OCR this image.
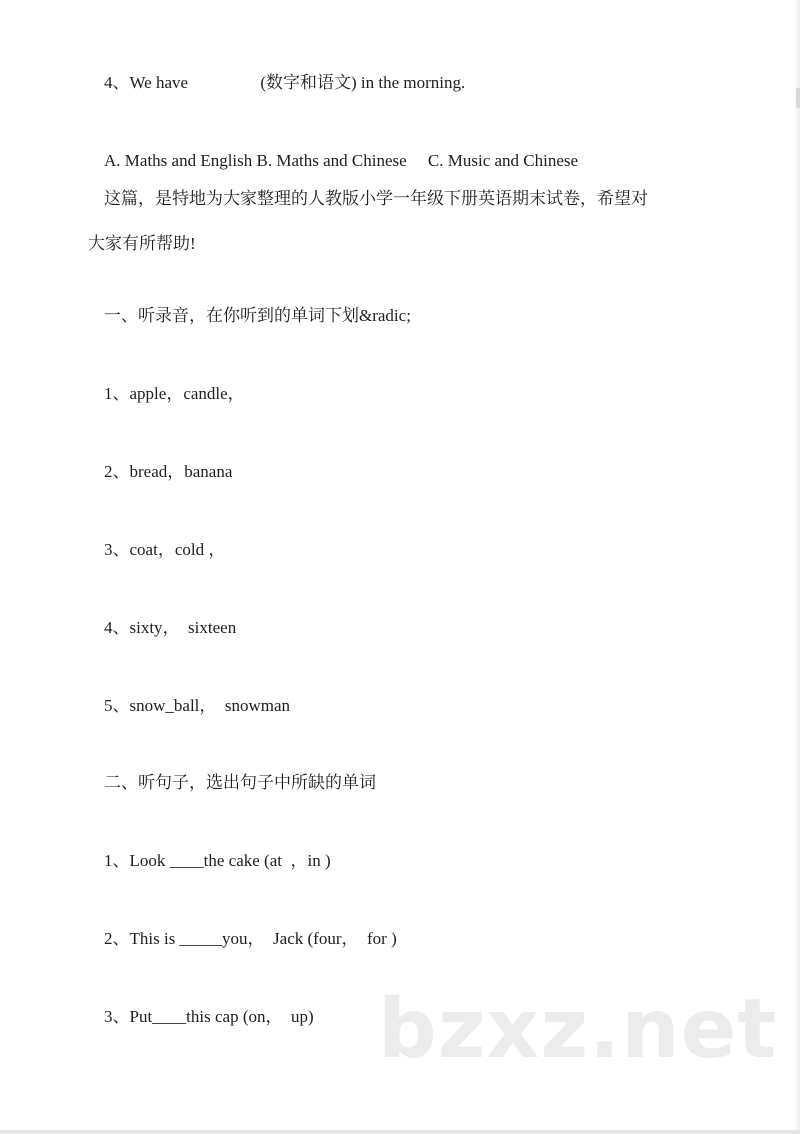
4、We have                 (数字和语文) in the morning.
A. Maths and English B. Maths and Chinese     C. Music and Chinese
这篇，是特地为大家整理的人教版小学一年级下册英语期末试卷，希望对
大家有所帮助!
一、听录音，在你听到的单词下划&radic;
1、apple，candle，
2、bread，banana
3、coat，cold ，
4、sixty，  sixteen
5、snow_ball，  snowman
二、听句子，选出句子中所缺的单词
1、Look ____the cake (at  ，in )
2、This is _____you，  Jack (four，  for )
3、Put____this cap (on，  up) bzxz.net
